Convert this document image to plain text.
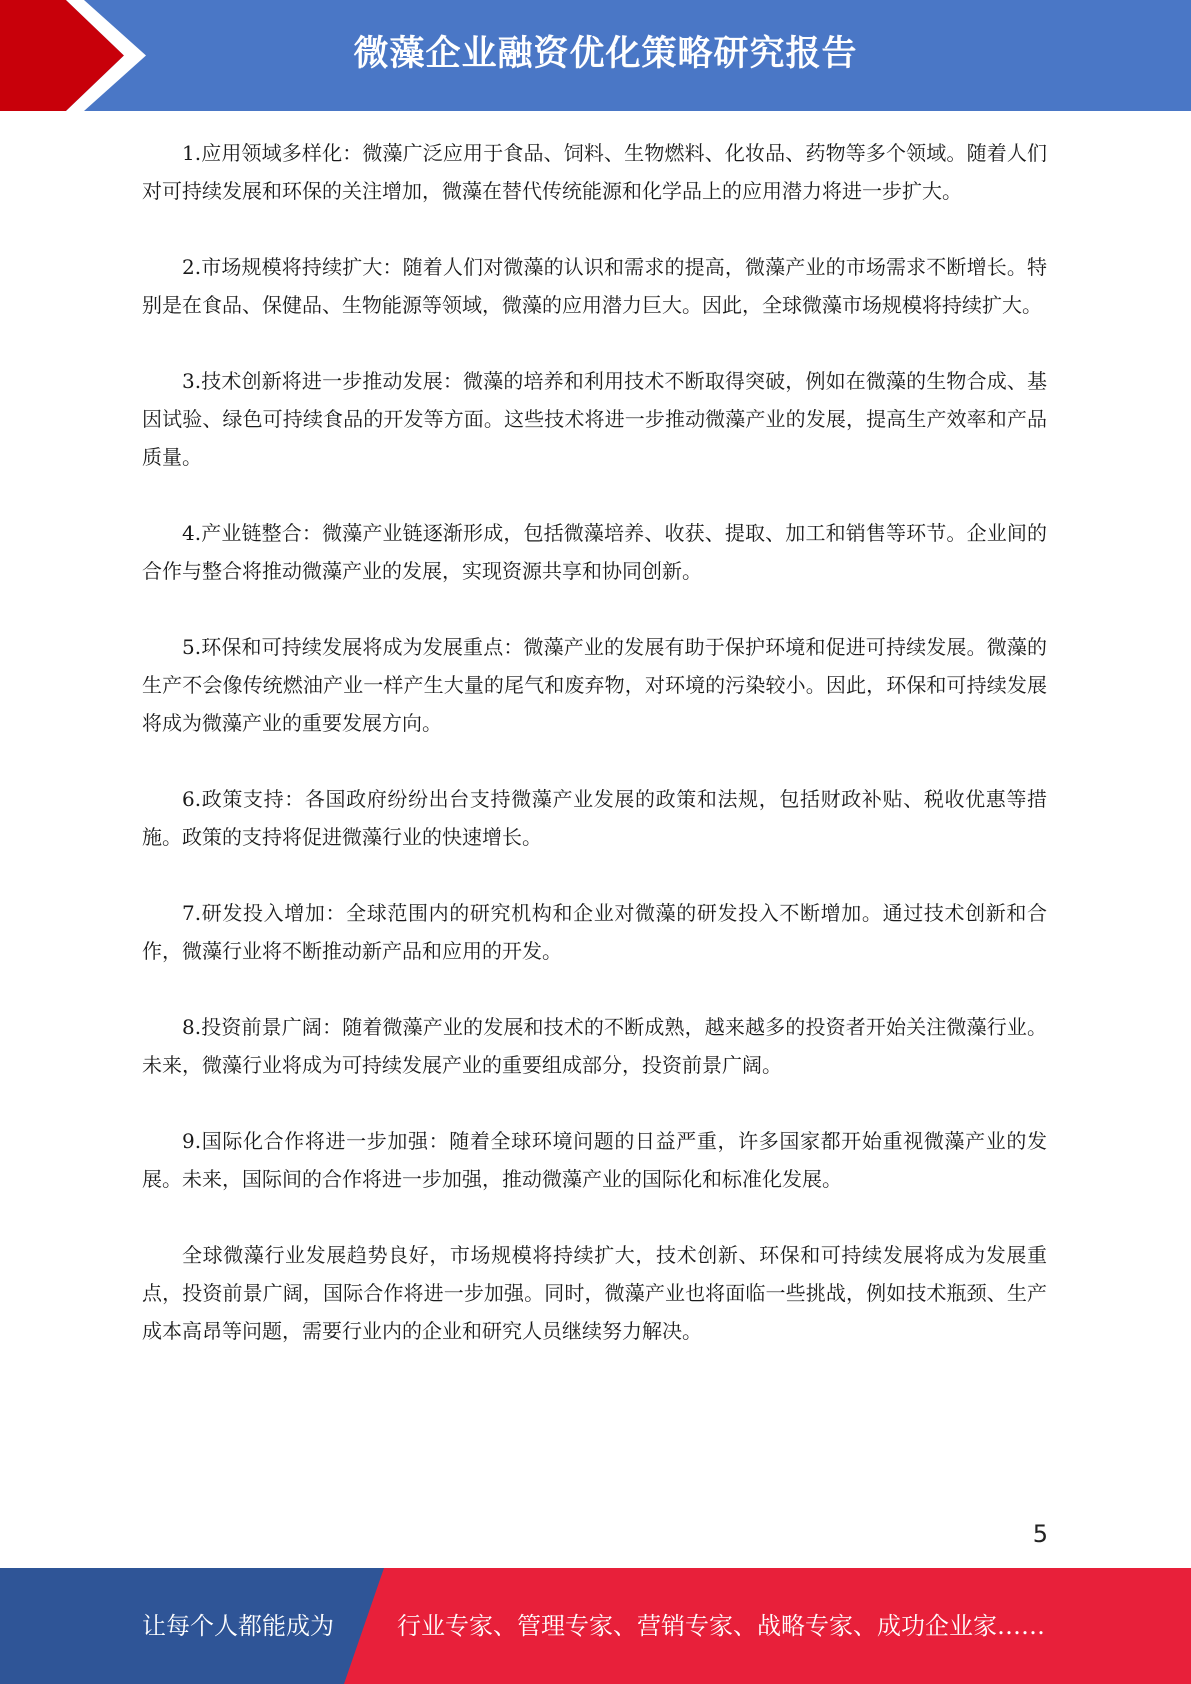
微藻企业融资优化策略研究报告

1.应用领域多样化：微藻广泛应用于食品、饲料、生物燃料、化妆品、药物等多个领域。随着人们对可持续发展和环保的关注增加，微藻在替代传统能源和化学品上的应用潜力将进一步扩大。

2.市场规模将持续扩大：随着人们对微藻的认识和需求的提高，微藻产业的市场需求不断增长。特别是在食品、保健品、生物能源等领域，微藻的应用潜力巨大。因此，全球微藻市场规模将持续扩大。

3.技术创新将进一步推动发展：微藻的培养和利用技术不断取得突破，例如在微藻的生物合成、基因试验、绿色可持续食品的开发等方面。这些技术将进一步推动微藻产业的发展，提高生产效率和产品质量。

4.产业链整合：微藻产业链逐渐形成，包括微藻培养、收获、提取、加工和销售等环节。企业间的合作与整合将推动微藻产业的发展，实现资源共享和协同创新。

5.环保和可持续发展将成为发展重点：微藻产业的发展有助于保护环境和促进可持续发展。微藻的生产不会像传统燃油产业一样产生大量的尾气和废弃物，对环境的污染较小。因此，环保和可持续发展将成为微藻产业的重要发展方向。

6.政策支持：各国政府纷纷出台支持微藻产业发展的政策和法规，包括财政补贴、税收优惠等措施。政策的支持将促进微藻行业的快速增长。

7.研发投入增加：全球范围内的研究机构和企业对微藻的研发投入不断增加。通过技术创新和合作，微藻行业将不断推动新产品和应用的开发。

8.投资前景广阔：随着微藻产业的发展和技术的不断成熟，越来越多的投资者开始关注微藻行业。未来，微藻行业将成为可持续发展产业的重要组成部分，投资前景广阔。

9.国际化合作将进一步加强：随着全球环境问题的日益严重，许多国家都开始重视微藻产业的发展。未来，国际间的合作将进一步加强，推动微藻产业的国际化和标准化发展。

全球微藻行业发展趋势良好，市场规模将持续扩大，技术创新、环保和可持续发展将成为发展重点，投资前景广阔，国际合作将进一步加强。同时，微藻产业也将面临一些挑战，例如技术瓶颈、生产成本高昂等问题，需要行业内的企业和研究人员继续努力解决。

5
让每个人都能成为	行业专家、管理专家、营销专家、战略专家、成功企业家……
